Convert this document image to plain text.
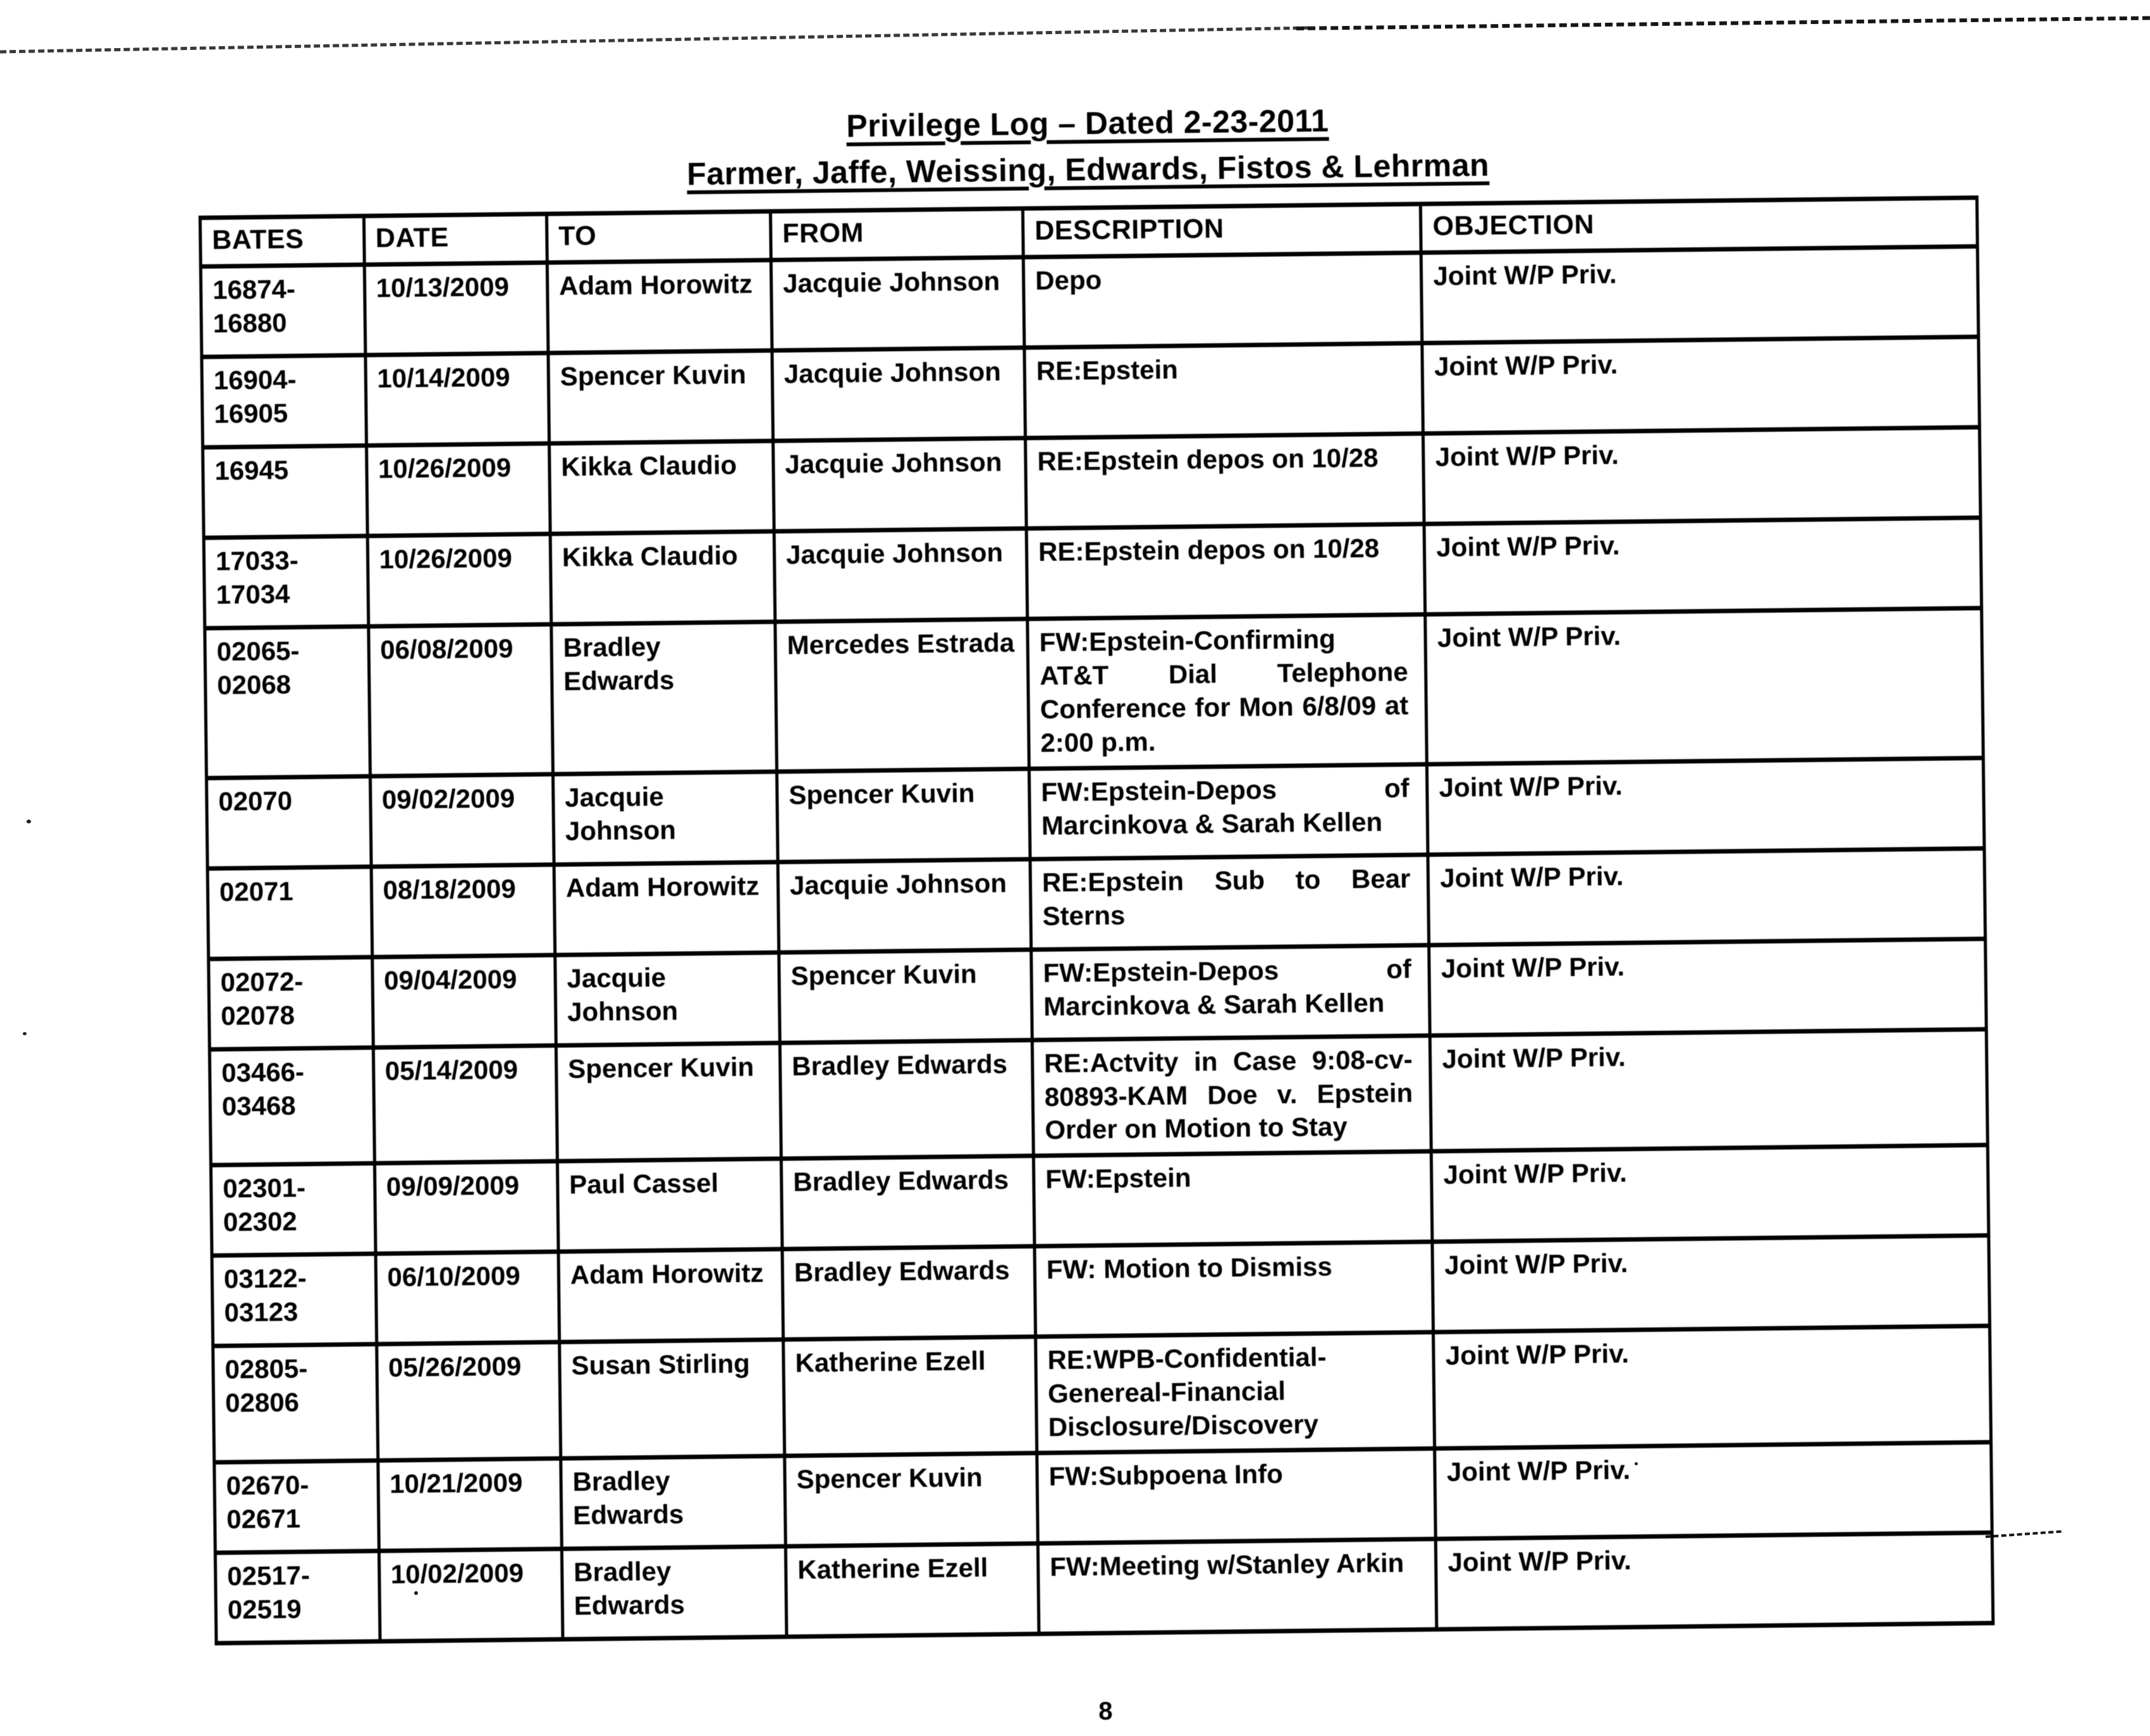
Privilege Log – Dated 2-23-2011
Farmer, Jaffe, Weissing, Edwards, Fistos & Lehrman
BATES	DATE	TO	FROM	DESCRIPTION	OBJECTION
16874-16880	10/13/2009	Adam Horowitz	Jacquie Johnson	Depo	Joint W/P Priv.
16904-16905	10/14/2009	Spencer Kuvin	Jacquie Johnson	RE:Epstein	Joint W/P Priv.
16945	10/26/2009	Kikka Claudio	Jacquie Johnson	RE:Epstein depos on 10/28	Joint W/P Priv.
17033-17034	10/26/2009	Kikka Claudio	Jacquie Johnson	RE:Epstein depos on 10/28	Joint W/P Priv.
02065-02068	06/08/2009	Bradley Edwards	Mercedes Estrada	FW:Epstein-Confirming AT&T Dial Telephone Conference for Mon 6/8/09 at 2:00 p.m.	Joint W/P Priv.
02070	09/02/2009	Jacquie Johnson	Spencer Kuvin	FW:Epstein-Depos of Marcinkova & Sarah Kellen	Joint W/P Priv.
02071	08/18/2009	Adam Horowitz	Jacquie Johnson	RE:Epstein Sub to Bear Sterns	Joint W/P Priv.
02072-02078	09/04/2009	Jacquie Johnson	Spencer Kuvin	FW:Epstein-Depos of Marcinkova & Sarah Kellen	Joint W/P Priv.
03466-03468	05/14/2009	Spencer Kuvin	Bradley Edwards	RE:Actvity in Case 9:08-cv-80893-KAM Doe v. Epstein Order on Motion to Stay	Joint W/P Priv.
02301-02302	09/09/2009	Paul Cassel	Bradley Edwards	FW:Epstein	Joint W/P Priv.
03122-03123	06/10/2009	Adam Horowitz	Bradley Edwards	FW: Motion to Dismiss	Joint W/P Priv.
02805-02806	05/26/2009	Susan Stirling	Katherine Ezell	RE:WPB-Confidential-Genereal-Financial Disclosure/Discovery	Joint W/P Priv.
02670-02671	10/21/2009	Bradley Edwards	Spencer Kuvin	FW:Subpoena Info	Joint W/P Priv.
02517-02519	10/02/2009	Bradley Edwards	Katherine Ezell	FW:Meeting w/Stanley Arkin	Joint W/P Priv.
8
